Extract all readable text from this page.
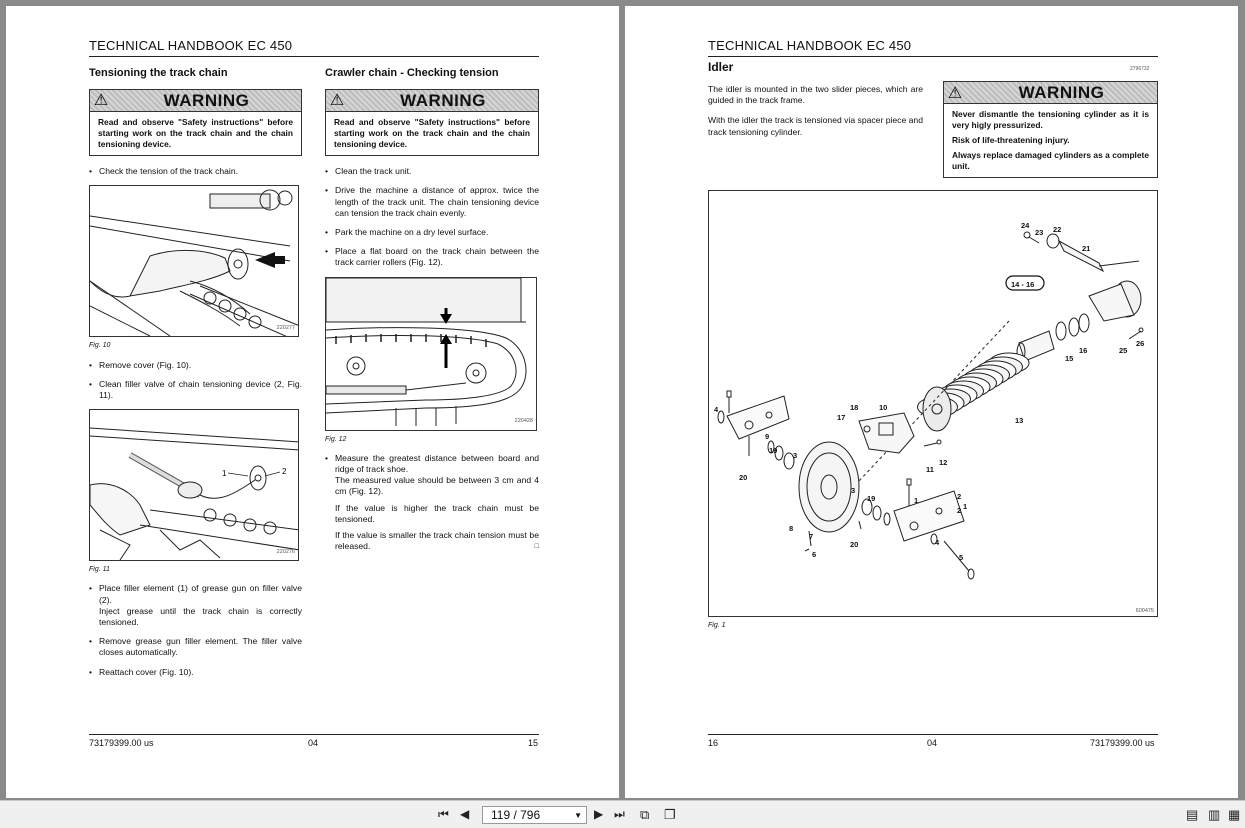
TECHNICAL HANDBOOK EC 450
Tensioning the track chain
⚠	WARNING
Read and observe "Safety instructions" before starting work on the track chain and the chain tensioning device.
• Check the tension of the track chain.
220277
Fig. 10
• Remove cover (Fig. 10).
• Clean filler valve of chain tensioning device (2, Fig. 11).
1	2
220276
Fig. 11
• Place filler element (1) of grease gun on filler valve (2).
Inject grease until the track chain is correctly tensioned.
• Remove grease gun filler element. The filler valve closes automatically.
• Reattach cover (Fig. 10).
Crawler chain - Checking tension
⚠	WARNING
Read and observe "Safety instructions" before starting work on the track chain and the chain tensioning device.
• Clean the track unit.
• Drive the machine a distance of approx. twice the length of the track unit. The chain tensioning device can tension the track chain evenly.
• Park the machine on a dry level surface.
• Place a flat board on the track chain between the track carrier rollers (Fig. 12).
220428
Fig. 12
• Measure the greatest distance between board and ridge of track shoe.
The measured value should be between 3 cm and 4 cm (Fig. 12).
If the value is higher the track chain must be tensioned.
If the value is smaller the track chain tension must be released.	□
73179399.00 us	04	15
TECHNICAL HANDBOOK EC 450
Idler	2796732

The idler is mounted in the two slider pieces, which are guided in the track frame.

With the idler the track is tensioned via spacer piece and track tensioning cylinder.

⚠	WARNING

Never dismantle the tensioning cylinder as it is very higly pressurized.

Risk of life-threatening injury.

Always replace damaged cylinders as a complete unit.

24
23 22
21
14 - 16
26
25
16
15
13
18	10
17
9
19
3
12
11
2
1
4
20
3
19
2
1
4
8
7
6
20
5
600475
Fig. 1
16	04	73179399.00 us
⏮ ◀ 119 / 796	▼ ▶ ⏭ ⧉ ❐	▤ ▥ ▦
